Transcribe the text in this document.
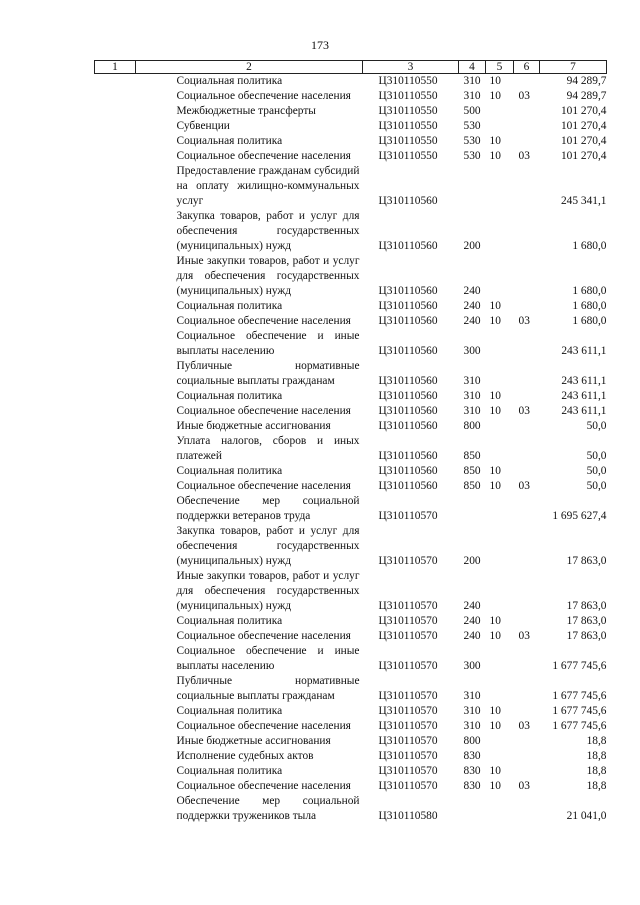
173
1	2	3	4	5	6	7
	Социальная политика	Ц310110550	310	10		94 289,7
	Социальное обеспечение населения	Ц310110550	310	10	03	94 289,7
	Межбюджетные трансферты	Ц310110550	500			101 270,4
	Субвенции	Ц310110550	530			101 270,4
	Социальная политика	Ц310110550	530	10		101 270,4
	Социальное обеспечение населения	Ц310110550	530	10	03	101 270,4
	Предоставление гражданам субсидий на оплату жилищно-коммунальных услуг	Ц310110560				245 341,1
	Закупка товаров, работ и услуг для обеспечения государственных (муниципальных) нужд	Ц310110560	200			1 680,0
	Иные закупки товаров, работ и услуг для обеспечения государственных (муниципальных) нужд	Ц310110560	240			1 680,0
	Социальная политика	Ц310110560	240	10		1 680,0
	Социальное обеспечение населения	Ц310110560	240	10	03	1 680,0
	Социальное обеспечение и иные выплаты населению	Ц310110560	300			243 611,1
	Публичные нормативные социальные выплаты гражданам	Ц310110560	310			243 611,1
	Социальная политика	Ц310110560	310	10		243 611,1
	Социальное обеспечение населения	Ц310110560	310	10	03	243 611,1
	Иные бюджетные ассигнования	Ц310110560	800			50,0
	Уплата налогов, сборов и иных платежей	Ц310110560	850			50,0
	Социальная политика	Ц310110560	850	10		50,0
	Социальное обеспечение населения	Ц310110560	850	10	03	50,0
	Обеспечение мер социальной поддержки ветеранов труда	Ц310110570				1 695 627,4
	Закупка товаров, работ и услуг для обеспечения государственных (муниципальных) нужд	Ц310110570	200			17 863,0
	Иные закупки товаров, работ и услуг для обеспечения государственных (муниципальных) нужд	Ц310110570	240			17 863,0
	Социальная политика	Ц310110570	240	10		17 863,0
	Социальное обеспечение населения	Ц310110570	240	10	03	17 863,0
	Социальное обеспечение и иные выплаты населению	Ц310110570	300			1 677 745,6
	Публичные нормативные социальные выплаты гражданам	Ц310110570	310			1 677 745,6
	Социальная политика	Ц310110570	310	10		1 677 745,6
	Социальное обеспечение населения	Ц310110570	310	10	03	1 677 745,6
	Иные бюджетные ассигнования	Ц310110570	800			18,8
	Исполнение судебных актов	Ц310110570	830			18,8
	Социальная политика	Ц310110570	830	10		18,8
	Социальное обеспечение населения	Ц310110570	830	10	03	18,8
	Обеспечение мер социальной поддержки тружеников тыла	Ц310110580				21 041,0
